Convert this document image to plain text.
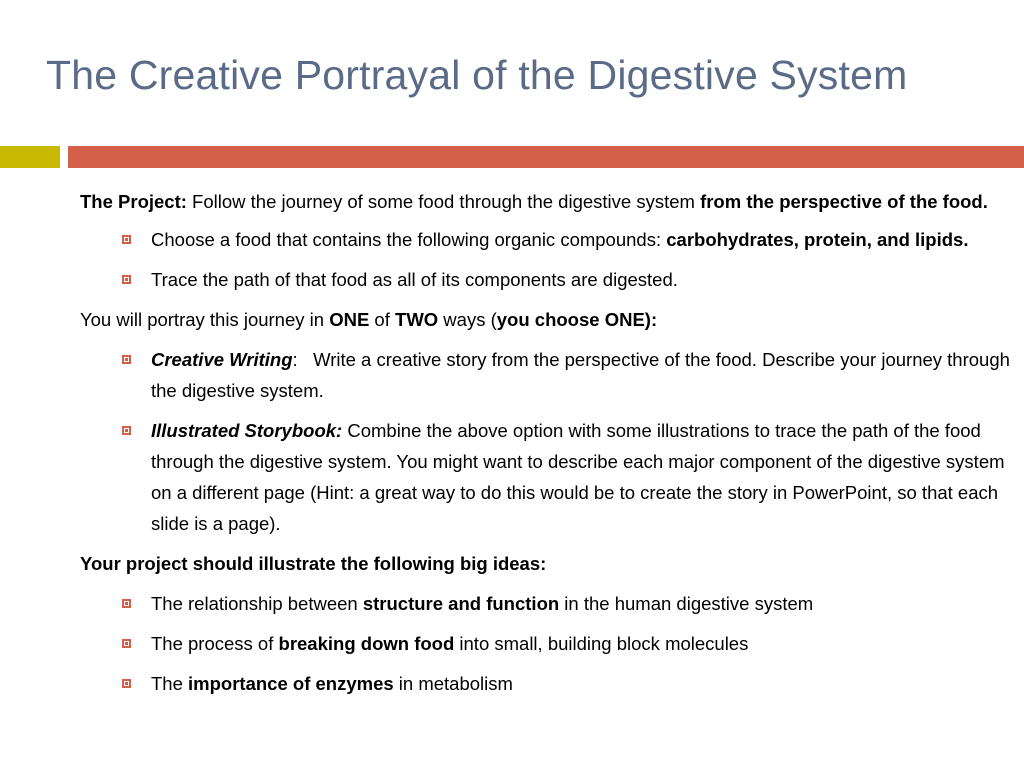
The Creative Portrayal of the Digestive System

The Project: Follow the journey of some food through the digestive system from the perspective of the food.

Choose a food that contains the following organic compounds: carbohydrates, protein, and lipids.
Trace the path of that food as all of its components are digested.

You will portray this journey in ONE of TWO ways (you choose ONE):

Creative Writing:   Write a creative story from the perspective of the food. Describe your journey through the digestive system.
Illustrated Storybook: Combine the above option with some illustrations to trace the path of the food through the digestive system. You might want to describe each major component of the digestive system on a different page (Hint: a great way to do this would be to create the story in PowerPoint, so that each slide is a page).

Your project should illustrate the following big ideas:

The relationship between structure and function in the human digestive system
The process of breaking down food into small, building block molecules
The importance of enzymes in metabolism
